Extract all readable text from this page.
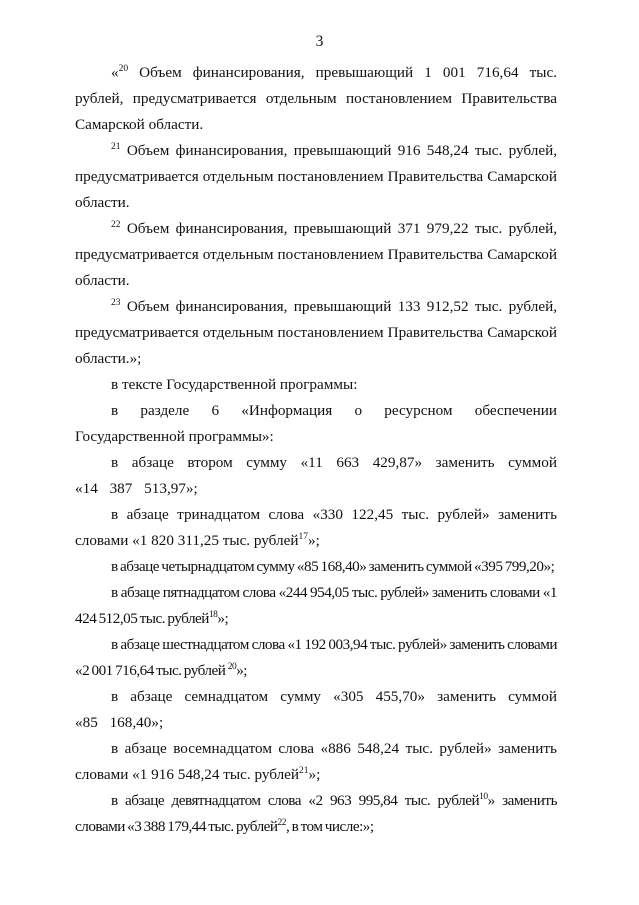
3

«$^{20}$ Объем финансирования, превышающий 1 001 716,64 тыс. рублей, предусматривается отдельным постановлением Правительства Самарской области.

$^{21}$ Объем финансирования, превышающий 916 548,24 тыс. рублей, предусматривается отдельным постановлением Правительства Самарской области.

$^{22}$ Объем финансирования, превышающий 371 979,22 тыс. рублей, предусматривается отдельным постановлением Правительства Самарской области.

$^{23}$ Объем финансирования, превышающий 133 912,52 тыс. рублей, предусматривается отдельным постановлением Правительства Самарской области.»;

в тексте Государственной программы:

в разделе 6 «Информация о ресурсном обеспечении Государственной программы»:

в абзаце втором сумму «11 663 429,87» заменить суммой «14 387 513,97»;

в абзаце тринадцатом слова «330 122,45 тыс. рублей» заменить словами «1 820 311,25 тыс. рублей$^{17}$»;

в абзаце четырнадцатом сумму «85 168,40» заменить суммой «395 799,20»;

в абзаце пятнадцатом слова «244 954,05 тыс. рублей» заменить словами «1 424 512,05 тыс. рублей$^{18}$»;

в абзаце шестнадцатом слова «1 192 003,94 тыс. рублей» заменить словами «2 001 716,64 тыс. рублей $^{20}$»;

в абзаце семнадцатом сумму «305 455,70» заменить суммой «85 168,40»;

в абзаце восемнадцатом слова «886 548,24 тыс. рублей» заменить словами «1 916 548,24 тыс. рублей$^{21}$»;

в абзаце девятнадцатом слова «2 963 995,84 тыс. рублей$^{10}$» заменить словами «3 388 179,44 тыс. рублей$^{22}$, в том числе:»;
